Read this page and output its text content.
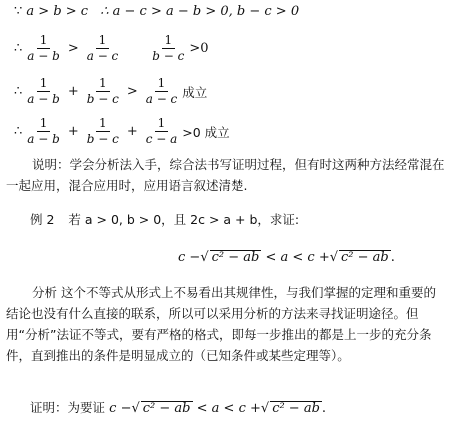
∵ a > b > c ∴ a − c > a − b > 0, b − c > 0
∴ $\frac{1}{a - b} > \frac{1}{a - c} \frac{1}{b - c} >0$
∴ $\frac{1}{a - b} + \frac{1}{b - c} > \frac{1}{a - c}$ 成立
∴ $\frac{1}{a - b} + \frac{1}{b - c} + \frac{1}{c - a} >0$ 成立
说明：学会分析法入手，综合法书写证明过程，但有时这两种方法经常混在一起应用，混合应用时，应用语言叙述清楚.
例 2 若 a > 0, b > 0，且 2c > a + b，求证:
c −√ c² − ab < a < c +√ c² − ab .
分析 这个不等式从形式上不易看出其规律性，与我们掌握的定理和重要的结论也没有什么直接的联系，所以可以采用分析的方法来寻找证明途径。但用“分析”法证不等式，要有严格的格式，即每一步推出的都是上一步的充分条件，直到推出的条件是明显成立的（已知条件或某些定理等）。
证明：为要证 c −√ c² − ab < a < c +√ c² − ab .
